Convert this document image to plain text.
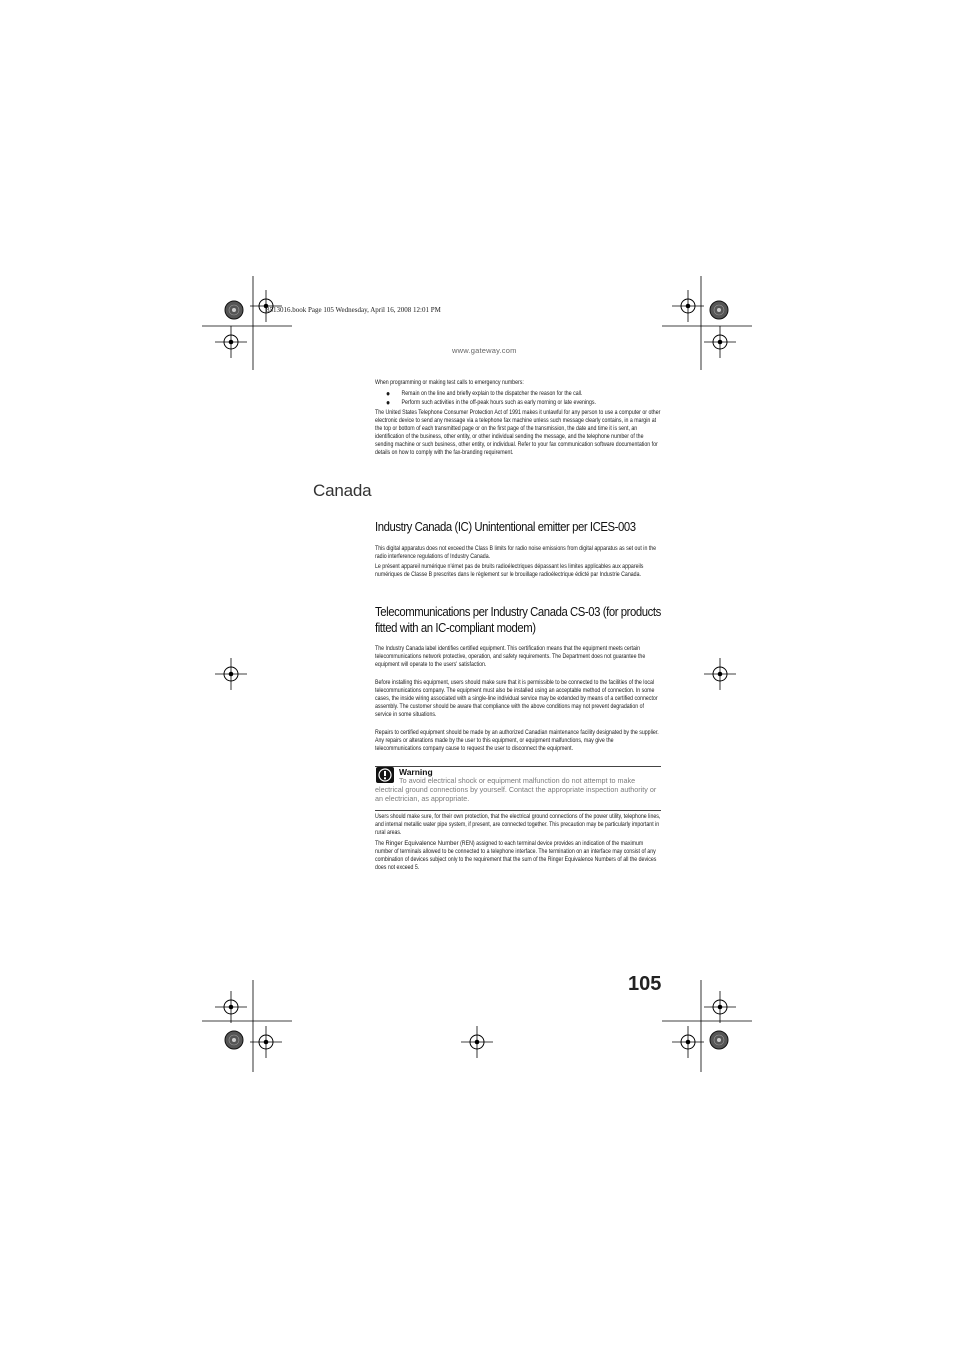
8513016.book Page 105 Wednesday, April 16, 2008 12:01 PM
www.gateway.com

When programming or making test calls to emergency numbers:

● Remain on the line and briefly explain to the dispatcher the reason for the call.
● Perform such activities in the off-peak hours such as early morning or late evenings.

The United States Telephone Consumer Protection Act of 1991 makes it unlawful for any person to use a computer or other electronic device to send any message via a telephone fax machine unless such message clearly contains, in a margin at the top or bottom of each transmitted page or on the first page of the transmission, the date and time it is sent, an identification of the business, other entity, or other individual sending the message, and the telephone number of the sending machine or such business, other entity, or individual. Refer to your fax communication software documentation for details on how to comply with the fax-branding requirement.

Canada
Industry Canada (IC) Unintentional emitter per ICES-003

This digital apparatus does not exceed the Class B limits for radio noise emissions from digital apparatus as set out in the radio interference regulations of Industry Canada.

Le présent appareil numérique n'émet pas de bruits radioélectriques dépassant les limites applicables aux appareils numériques de Classe B prescrites dans le règlement sur le brouillage radioélectrique édicté par Industrie Canada.

Telecommunications per Industry Canada CS-03 (for products fitted with an IC-compliant modem)

The Industry Canada label identifies certified equipment. This certification means that the equipment meets certain telecommunications network protective, operation, and safety requirements. The Department does not guarantee the equipment will operate to the users' satisfaction.

Before installing this equipment, users should make sure that it is permissible to be connected to the facilities of the local telecommunications company. The equipment must also be installed using an acceptable method of connection. In some cases, the inside wiring associated with a single-line individual service may be extended by means of a certified connector assembly. The customer should be aware that compliance with the above conditions may not prevent degradation of service in some situations.

Repairs to certified equipment should be made by an authorized Canadian maintenance facility designated by the supplier. Any repairs or alterations made by the user to this equipment, or equipment malfunctions, may give the telecommunications company cause to request the user to disconnect the equipment.

Warning
To avoid electrical shock or equipment malfunction do not attempt to make electrical ground connections by yourself. Contact the appropriate inspection authority or an electrician, as appropriate.

Users should make sure, for their own protection, that the electrical ground connections of the power utility, telephone lines, and internal metallic water pipe system, if present, are connected together. This precaution may be particularly important in rural areas.

The Ringer Equivalence Number (REN) assigned to each terminal device provides an indication of the maximum number of terminals allowed to be connected to a telephone interface. The termination on an interface may consist of any combination of devices subject only to the requirement that the sum of the Ringer Equivalence Numbers of all the devices does not exceed 5.

105
